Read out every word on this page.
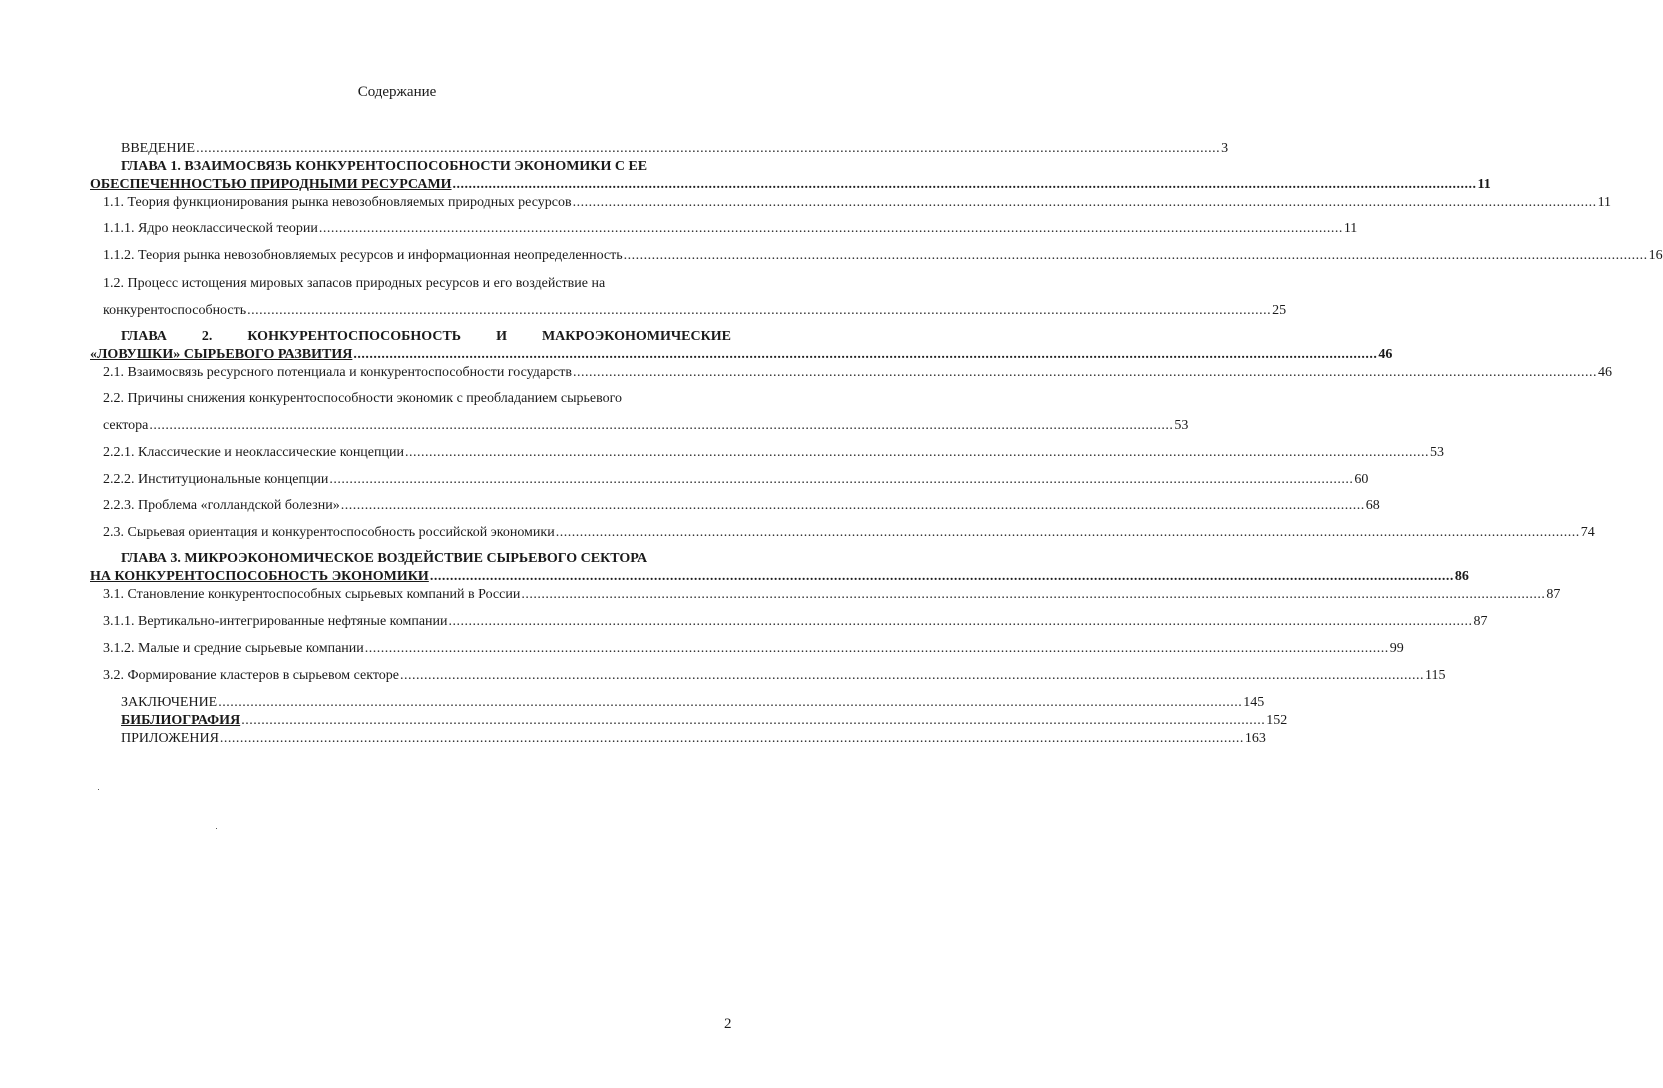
Содержание
ВВЕДЕНИЕ ................................................................................................................................................................................................................................................................ 3
ГЛАВА 1. ВЗАИМОСВЯЗЬ КОНКУРЕНТОСПОСОБНОСТИ ЭКОНОМИКИ С ЕЕ
ОБЕСПЕЧЕННОСТЬЮ ПРИРОДНЫМИ РЕСУРСАМИ ................................................................................................................................................................................................................................................................ 11
1.1. Теория функционирования рынка невозобновляемых природных ресурсов ................................................................................................................................................................................................................................................................ 11
1.1.1. Ядро неоклассической теории ................................................................................................................................................................................................................................................................ 11
1.1.2. Теория рынка невозобновляемых ресурсов и информационная неопределенность ................................................................................................................................................................................................................................................................ 16
1.2. Процесс истощения мировых запасов природных ресурсов и его воздействие на
конкурентоспособность ................................................................................................................................................................................................................................................................ 25
ГЛАВА 2. КОНКУРЕНТОСПОСОБНОСТЬ И МАКРОЭКОНОМИЧЕСКИЕ
«ЛОВУШКИ» СЫРЬЕВОГО РАЗВИТИЯ ................................................................................................................................................................................................................................................................ 46
2.1. Взаимосвязь ресурсного потенциала и конкурентоспособности государств ................................................................................................................................................................................................................................................................ 46
2.2. Причины снижения конкурентоспособности экономик с преобладанием сырьевого
сектора ................................................................................................................................................................................................................................................................ 53
2.2.1. Классические и неоклассические концепции ................................................................................................................................................................................................................................................................ 53
2.2.2. Институциональные концепции ................................................................................................................................................................................................................................................................ 60
2.2.3. Проблема «голландской болезни» ................................................................................................................................................................................................................................................................ 68
2.3. Сырьевая ориентация и конкурентоспособность российской экономики ................................................................................................................................................................................................................................................................ 74
ГЛАВА 3. МИКРОЭКОНОМИЧЕСКОЕ ВОЗДЕЙСТВИЕ СЫРЬЕВОГО СЕКТОРА
НА КОНКУРЕНТОСПОСОБНОСТЬ ЭКОНОМИКИ ................................................................................................................................................................................................................................................................ 86
3.1. Становление конкурентоспособных сырьевых компаний в России ................................................................................................................................................................................................................................................................ 87
3.1.1. Вертикально-интегрированные нефтяные компании ................................................................................................................................................................................................................................................................ 87
3.1.2. Малые и средние сырьевые компании ................................................................................................................................................................................................................................................................ 99
3.2. Формирование кластеров в сырьевом секторе ................................................................................................................................................................................................................................................................ 115
ЗАКЛЮЧЕНИЕ ................................................................................................................................................................................................................................................................ 145
БИБЛИОГРАФИЯ ................................................................................................................................................................................................................................................................ 152
ПРИЛОЖЕНИЯ ................................................................................................................................................................................................................................................................ 163
2
